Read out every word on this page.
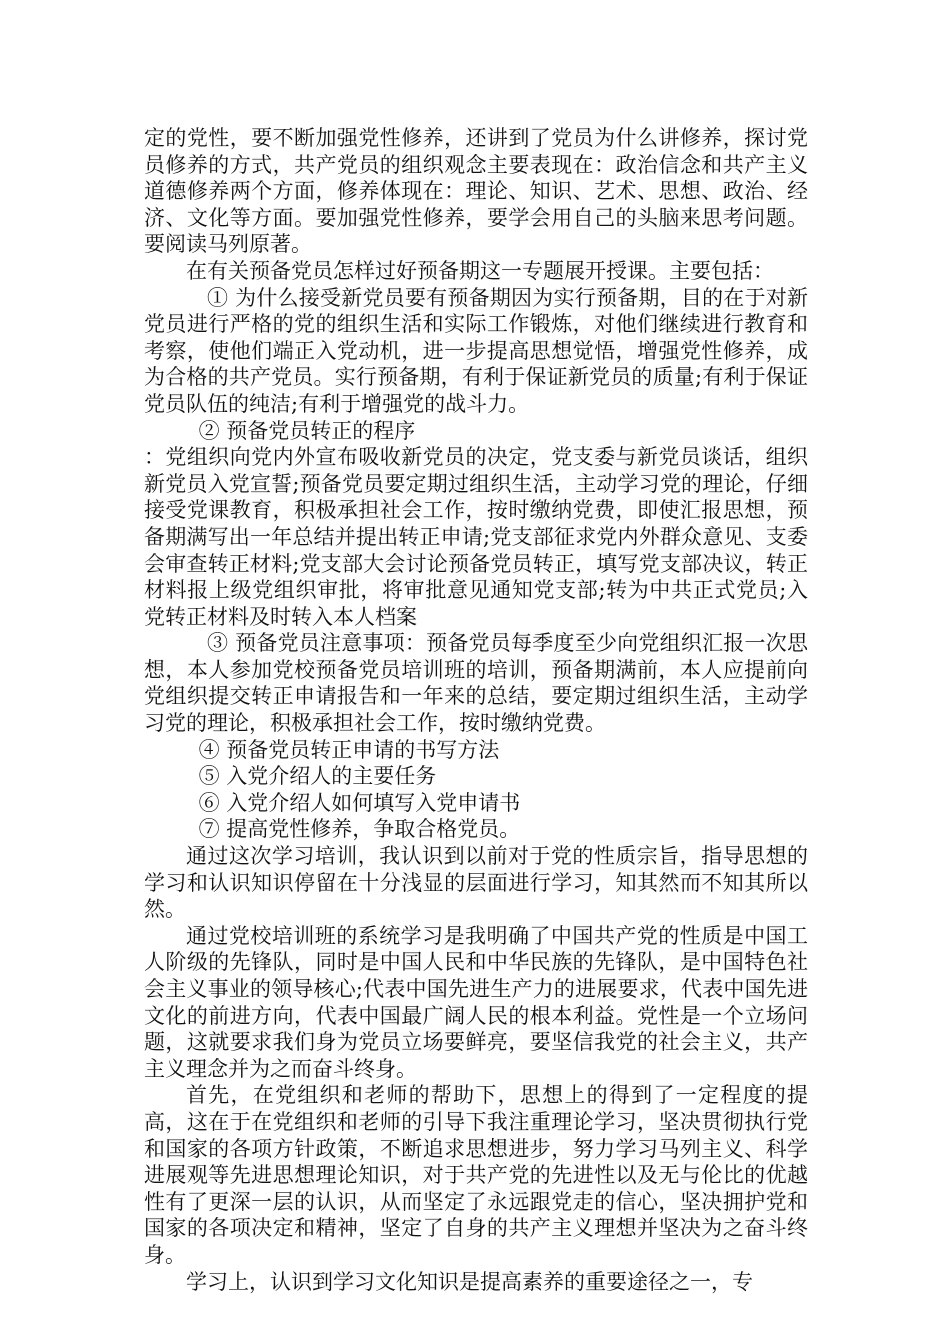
定的党性，要不断加强党性修养，还讲到了党员为什么讲修养，探讨党员修养的方式，共产党员的组织观念主要表现在：政治信念和共产主义道德修养两个方面，修养体现在：理论、知识、艺术、思想、政治、经济、文化等方面。要加强党性修养，要学会用自己的头脑来思考问题。要阅读马列原著。

在有关预备党员怎样过好预备期这一专题展开授课。主要包括：

① 为什么接受新党员要有预备期因为实行预备期，目的在于对新党员进行严格的党的组织生活和实际工作锻炼，对他们继续进行教育和考察，使他们端正入党动机，进一步提高思想觉悟，增强党性修养，成为合格的共产党员。实行预备期，有利于保证新党员的质量;有利于保证党员队伍的纯洁;有利于增强党的战斗力。

② 预备党员转正的程序

：党组织向党内外宣布吸收新党员的决定，党支委与新党员谈话，组织新党员入党宣誓;预备党员要定期过组织生活，主动学习党的理论，仔细接受党课教育，积极承担社会工作，按时缴纳党费，即使汇报思想，预备期满写出一年总结并提出转正申请;党支部征求党内外群众意见、支委会审查转正材料;党支部大会讨论预备党员转正，填写党支部决议，转正材料报上级党组织审批，将审批意见通知党支部;转为中共正式党员;入党转正材料及时转入本人档案

③ 预备党员注意事项：预备党员每季度至少向党组织汇报一次思想，本人参加党校预备党员培训班的培训，预备期满前，本人应提前向党组织提交转正申请报告和一年来的总结，要定期过组织生活，主动学习党的理论，积极承担社会工作，按时缴纳党费。

④ 预备党员转正申请的书写方法

⑤ 入党介绍人的主要任务

⑥ 入党介绍人如何填写入党申请书

⑦ 提高党性修养，争取合格党员。

通过这次学习培训，我认识到以前对于党的性质宗旨，指导思想的学习和认识知识停留在十分浅显的层面进行学习，知其然而不知其所以然。

通过党校培训班的系统学习是我明确了中国共产党的性质是中国工人阶级的先锋队，同时是中国人民和中华民族的先锋队，是中国特色社会主义事业的领导核心;代表中国先进生产力的进展要求，代表中国先进文化的前进方向，代表中国最广阔人民的根本利益。党性是一个立场问题，这就要求我们身为党员立场要鲜亮，要坚信我党的社会主义，共产主义理念并为之而奋斗终身。

首先，在党组织和老师的帮助下，思想上的得到了一定程度的提高，这在于在党组织和老师的引导下我注重理论学习，坚决贯彻执行党和国家的各项方针政策，不断追求思想进步，努力学习马列主义、科学进展观等先进思想理论知识，对于共产党的先进性以及无与伦比的优越性有了更深一层的认识，从而坚定了永远跟党走的信心，坚决拥护党和国家的各项决定和精神，坚定了自身的共产主义理想并坚决为之奋斗终身。

学习上，认识到学习文化知识是提高素养的重要途径之一，专
